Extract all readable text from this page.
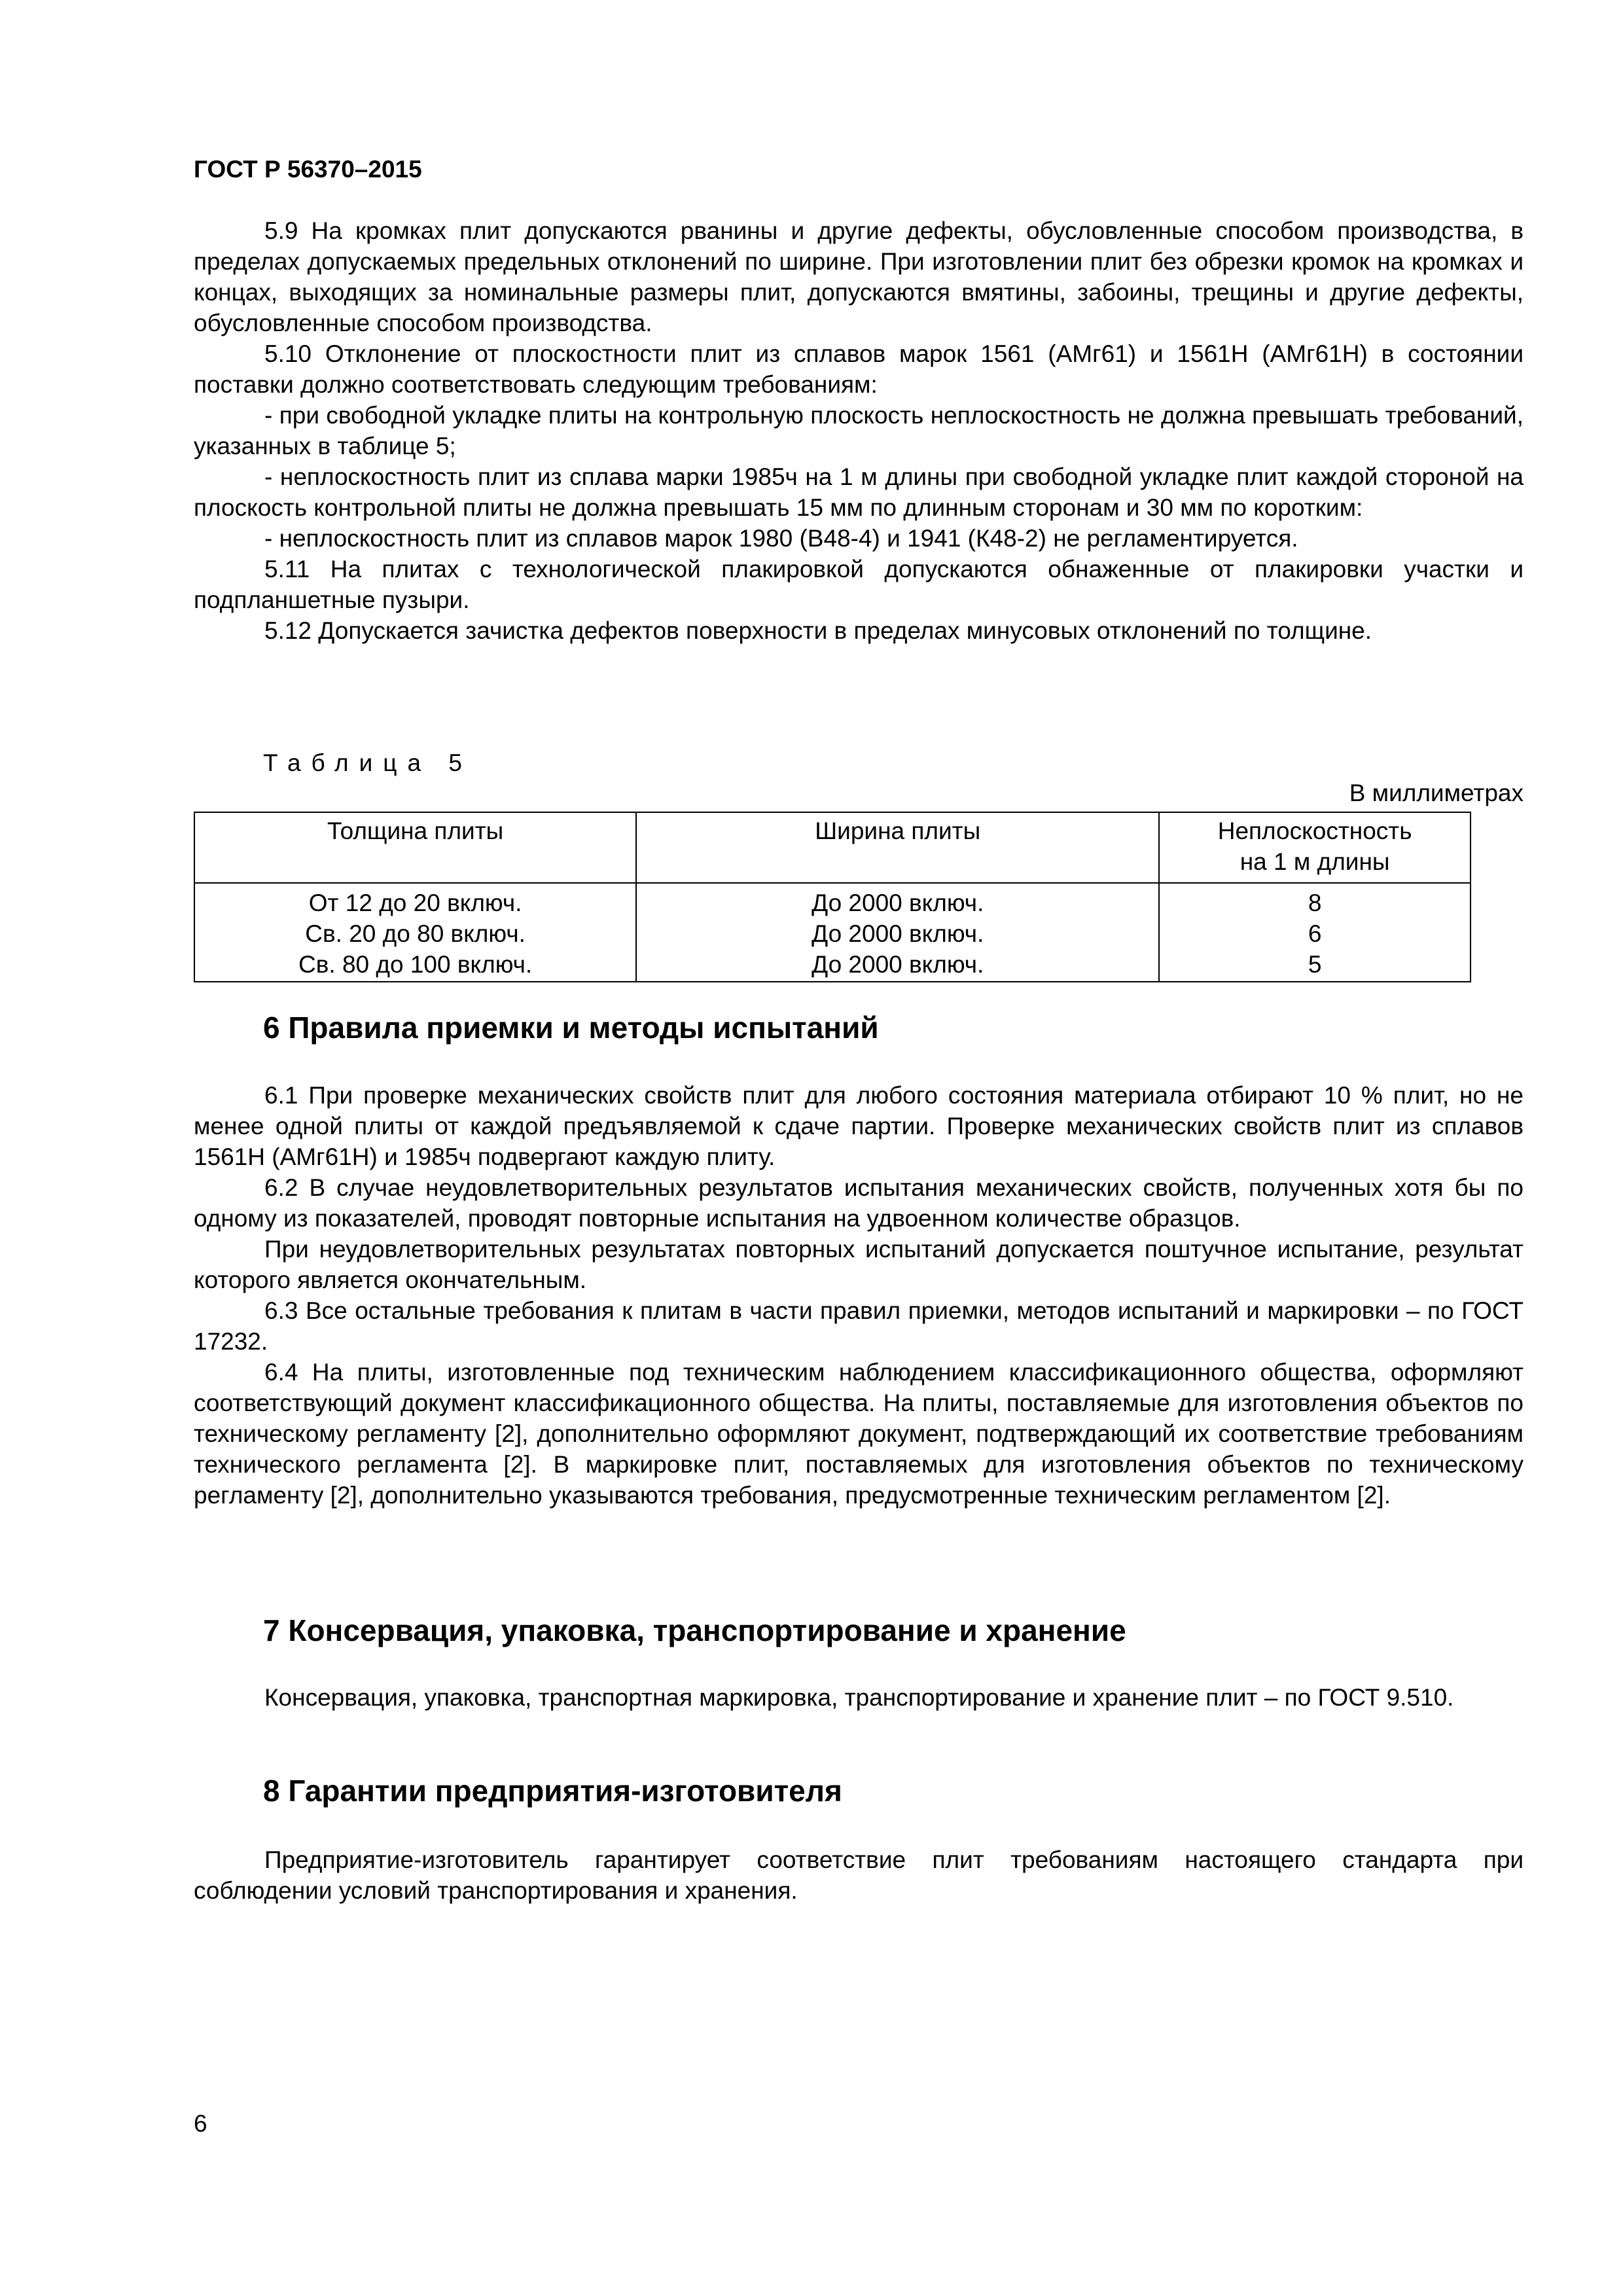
ГОСТ Р 56370–2015

5.9 На кромках плит допускаются рванины и другие дефекты, обусловленные способом производства, в пределах допускаемых предельных отклонений по ширине. При изготовлении плит без обрезки кромок на кромках и концах, выходящих за номинальные размеры плит, допускаются вмятины, забоины, трещины и другие дефекты, обусловленные способом производства.

5.10 Отклонение от плоскостности плит из сплавов марок 1561 (АМг61) и 1561Н (АМг61Н) в состоянии поставки должно соответствовать следующим требованиям:

- при свободной укладке плиты на контрольную плоскость неплоскостность не должна превышать требований, указанных в таблице 5;

- неплоскостность плит из сплава марки 1985ч на 1 м длины при свободной укладке плит каждой стороной на плоскость контрольной плиты не должна превышать 15 мм по длинным сторонам и 30 мм по коротким:

- неплоскостность плит из сплавов марок 1980 (В48-4) и 1941 (К48-2) не регламентируется.

5.11 На плитах с технологической плакировкой допускаются обнаженные от плакировки участки и подпланшетные пузыри.

5.12 Допускается зачистка дефектов поверхности в пределах минусовых отклонений по толщине.

Таблица 5
В миллиметрах
Толщина плиты	Ширина плиты	Неплоскостность
на 1 м длины

От 12 до 20 включ.	До 2000 включ.	8
Св. 20 до 80 включ.	До 2000 включ.	6
Св. 80 до 100 включ.	До 2000 включ.	5
6 Правила приемки и методы испытаний

6.1 При проверке механических свойств плит для любого состояния материала отбирают 10 % плит, но не менее одной плиты от каждой предъявляемой к сдаче партии. Проверке механических свойств плит из сплавов 1561Н (АМг61Н) и 1985ч подвергают каждую плиту.

6.2 В случае неудовлетворительных результатов испытания механических свойств, полученных хотя бы по одному из показателей, проводят повторные испытания на удвоенном количестве образцов.

При неудовлетворительных результатах повторных испытаний допускается поштучное испытание, результат которого является окончательным.

6.3 Все остальные требования к плитам в части правил приемки, методов испытаний и маркировки – по ГОСТ 17232.

6.4 На плиты, изготовленные под техническим наблюдением классификационного общества, оформляют соответствующий документ классификационного общества. На плиты, поставляемые для изготовления объектов по техническому регламенту [2], дополнительно оформляют документ, подтверждающий их соответствие требованиям технического регламента [2]. В маркировке плит, поставляемых для изготовления объектов по техническому регламенту [2], дополнительно указываются требования, предусмотренные техническим регламентом [2].

7 Консервация, упаковка, транспортирование и хранение

Консервация, упаковка, транспортная маркировка, транспортирование и хранение плит – по ГОСТ 9.510.

8 Гарантии предприятия-изготовителя

Предприятие-изготовитель гарантирует соответствие плит требованиям настоящего стандарта при соблюдении условий транспортирования и хранения.

6
